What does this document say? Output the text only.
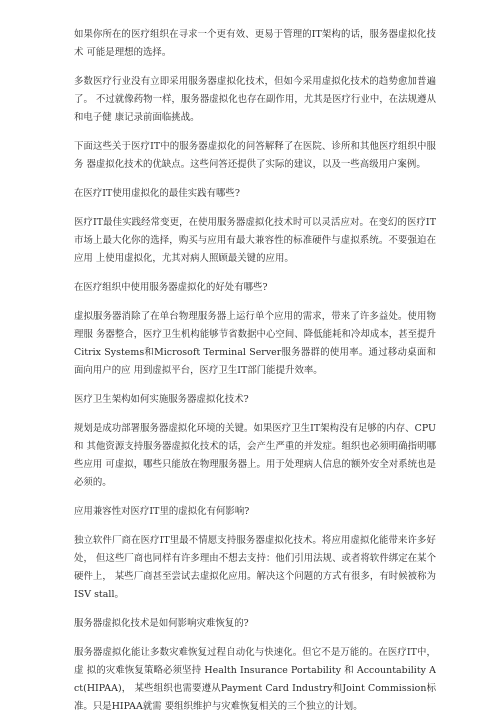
如果你所在的医疗组织在寻求一个更有效、更易于管理的IT架构的话，服务器虚拟化技术 可能是理想的选择。

多数医疗行业没有立即采用服务器虚拟化技术，但如今采用虚拟化技术的趋势愈加普遍了。 不过就像药物一样，服务器虚拟化也存在副作用，尤其是医疗行业中，在法规遵从和电子健 康记录前面临挑战。

下面这些关于医疗IT中的服务器虚拟化的问答解释了在医院、诊所和其他医疗组织中服务 器虚拟化技术的优缺点。这些问答还提供了实际的建议，以及一些高级用户案例。

在医疗IT使用虚拟化的最佳实践有哪些?

医疗IT最佳实践经常变更，在使用服务器虚拟化技术时可以灵活应对。在变幻的医疗IT 市场上最大化你的选择，购买与应用有最大兼容性的标准硬件与虚拟系统。不要强迫在应用 上使用虚拟化，尤其对病人照顾最关键的应用。

在医疗组织中使用服务器虚拟化的好处有哪些?

虚拟服务器消除了在单台物理服务器上运行单个应用的需求，带来了许多益处。使用物理服 务器整合，医疗卫生机构能够节省数据中心空间、降低能耗和冷却成本，甚至提升Citrix Systems和Microsoft Terminal Server服务器群的使用率。通过移动桌面和面向用户的应 用到虚拟平台，医疗卫生IT部门能提升效率。

医疗卫生架构如何实施服务器虚拟化技术?

规划是成功部署服务器虚拟化环境的关键。如果医疗卫生IT架构没有足够的内存、CPU和 其他资源支持服务器虚拟化技术的话，会产生严重的并发症。组织也必须明确指明哪些应用 可虚拟，哪些只能放在物理服务器上。用于处理病人信息的额外安全对系统也是必须的。

应用兼容性对医疗IT里的虚拟化有何影响?

独立软件厂商在医疗IT里最不情愿支持服务器虚拟化技术。将应用虚拟化能带来许多好处， 但这些厂商也同样有许多理由不想去支持：他们引用法规、或者将软件绑定在某个硬件上， 某些厂商甚至尝试去虚拟化应用。解决这个问题的方式有很多，有时候被称为ISV stall。

服务器虚拟化技术是如何影响灾难恢复的?

服务器虚拟化能让多数灾难恢复过程自动化与快速化。但它不是万能的。在医疗IT中，虚 拟的灾难恢复策略必须坚持 Health Insurance Portability 和 Accountability Act(HIPAA)， 某些组织也需要遵从Payment Card Industry和Joint Commission标准。只是HIPAA就需 要组织维护与灾难恢复相关的三个独立的计划。
